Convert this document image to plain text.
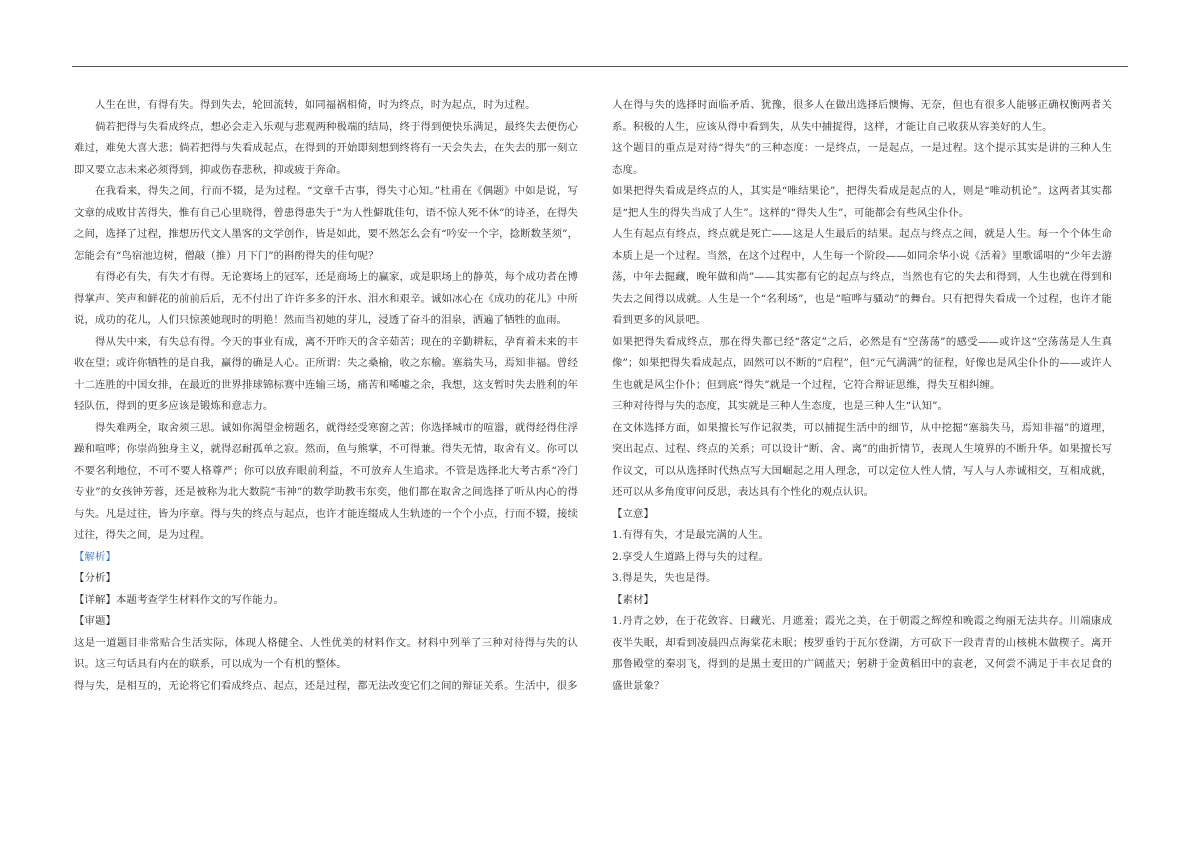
人生在世，有得有失。得到失去，轮回流转，如同福祸相倚，时为终点，时为起点，时为过程。

倘若把得与失看成终点，想必会走入乐观与悲观两种极端的结局，终于得到便快乐满足，最终失去便伤心难过，难免大喜大悲；倘若把得与失看成起点，在得到的开始即刻想到终将有一天会失去，在失去的那一刻立即又要立志未来必须得到，抑或伤春悲秋，抑或疲于奔命。

在我看来，得失之间，行而不辍，是为过程。“文章千古事，得失寸心知。”杜甫在《偶题》中如是说，写文章的成败甘苦得失，惟有自己心里晓得，曾患得患失于“为人性僻耽佳句，语不惊人死不休”的诗圣，在得失之间，选择了过程，推想历代文人墨客的文学创作，皆是如此，要不然怎么会有“吟安一个字，捻断数茎须”，怎能会有“鸟宿池边树，僧敲（推）月下门”的斟酌得失的佳句呢？

有得必有失，有失才有得。无论赛场上的冠军，还是商场上的赢家，或是职场上的静英，每个成功者在博得掌声、笑声和鲜花的前前后后，无不付出了许许多多的汗水、泪水和艰辛。诚如冰心在《成功的花儿》中所说，成功的花儿，人们只惊羡她现时的明艳！然而当初她的芽儿，浸透了奋斗的泪泉，洒遍了牺牲的血雨。

得从失中来，有失总有得。今天的事业有成，离不开昨天的含辛茹苦；现在的辛勤耕耘，孕育着未来的丰收在望；或许你牺牲的是自我，赢得的确是人心。正所谓：失之桑榆，收之东榆。塞翁失马，焉知非福。曾经十二连胜的中国女排，在最近的世界排球锦标赛中连输三场，痛苦和唏嘘之余，我想，这支暂时失去胜利的年轻队伍，得到的更多应该是锻炼和意志力。

得失难两全，取舍须三思。诚如你渴望金榜题名，就得经受寒窗之苦；你选择城市的喧嚣，就得经得住浮躁和喧哗；你崇尚独身主义，就得忍耐孤单之寂。然而，鱼与熊掌，不可得兼。得失无情，取舍有义。你可以不要名利地位，不可不要人格尊严；你可以放弃眼前利益，不可放弃人生追求。不管是选择北大考古系“冷门专业”的女孩钟芳蓉，还是被称为北大数院“韦神”的数学助教韦东奕，他们都在取舍之间选择了听从内心的得与失。凡是过往，皆为序章。得与失的终点与起点，也许才能连缀成人生轨迹的一个个小点，行而不辍，接续过往，得失之间，是为过程。

【解析】

【分析】

【详解】本题考查学生材料作文的写作能力。

【审题】

这是一道题目非常贴合生活实际，体现人格健全、人性优美的材料作文。材料中列举了三种对待得与失的认识。这三句话具有内在的联系，可以成为一个有机的整体。

得与失，是相互的，无论将它们看成终点、起点，还是过程，都无法改变它们之间的辩证关系。生活中，很多

人在得与失的选择时面临矛盾、犹豫，很多人在做出选择后懊悔、无奈，但也有很多人能够正确权衡两者关系。积极的人生，应该从得中看到失，从失中捕捉得，这样，才能让自己收获从容美好的人生。

这个题目的重点是对待“得失”的三种态度：一是终点，一是起点，一是过程。这个提示其实是讲的三种人生态度。

如果把得失看成是终点的人，其实是“唯结果论”，把得失看成是起点的人，则是“唯动机论”。这两者其实都是“把人生的得失当成了人生”。这样的“得失人生”，可能都会有些风尘仆仆。

人生有起点有终点，终点就是死亡——这是人生最后的结果。起点与终点之间，就是人生。每一个个体生命本质上是一个过程。当然，在这个过程中，人生每一个阶段——如同余华小说《活着》里歌谣唱的“少年去游荡，中年去掘藏，晚年做和尚”——其实都有它的起点与终点，当然也有它的失去和得到，人生也就在得到和失去之间得以成就。人生是一个“名利场”，也是“喧哗与骚动”的舞台。只有把得失看成一个过程，也许才能看到更多的风景吧。

如果把得失看成终点，那在得失都已经“落定”之后，必然是有“空荡荡”的感受——或许这“空荡荡是人生真像”；如果把得失看成起点，固然可以不断的“启程”，但“元气满满”的征程，好像也是风尘仆仆的——或许人生也就是风尘仆仆；但到底“得失”就是一个过程，它符合辩证思维，得失互相纠缠。

三种对待得与失的态度，其实就是三种人生态度，也是三种人生“认知”。

在文体选择方面，如果擅长写作记叙类，可以捕捉生活中的细节，从中挖掘“塞翁失马，焉知非福”的道理，突出起点、过程、终点的关系；可以设计“断、舍、离”的曲折情节，表现人生境界的不断升华。如果擅长写作议文，可以从选择时代热点写大国崛起之用人理念，可以定位人性人情，写人与人赤诚相交，互相成就，还可以从多角度审问反思，表达具有个性化的观点认识。

【立意】

1.有得有失，才是最完满的人生。

2.享受人生道路上得与失的过程。

3.得是失，失也是得。

【素材】

1.丹青之妙，在于花敛容、日藏光、月遮羞；霞光之美，在于朝霞之辉煌和晚霞之绚丽无法共存。川端康成夜半失眠，却看到凌晨四点海棠花未眠；梭罗垂钓于瓦尔登湖，方可砍下一段青青的山核桃木做楔子。离开那鲁殿堂的秦羽飞，得到的是黑土麦田的广阔蓝天；躬耕于金黄稻田中的袁老，又何尝不满足于丰衣足食的盛世景象？
